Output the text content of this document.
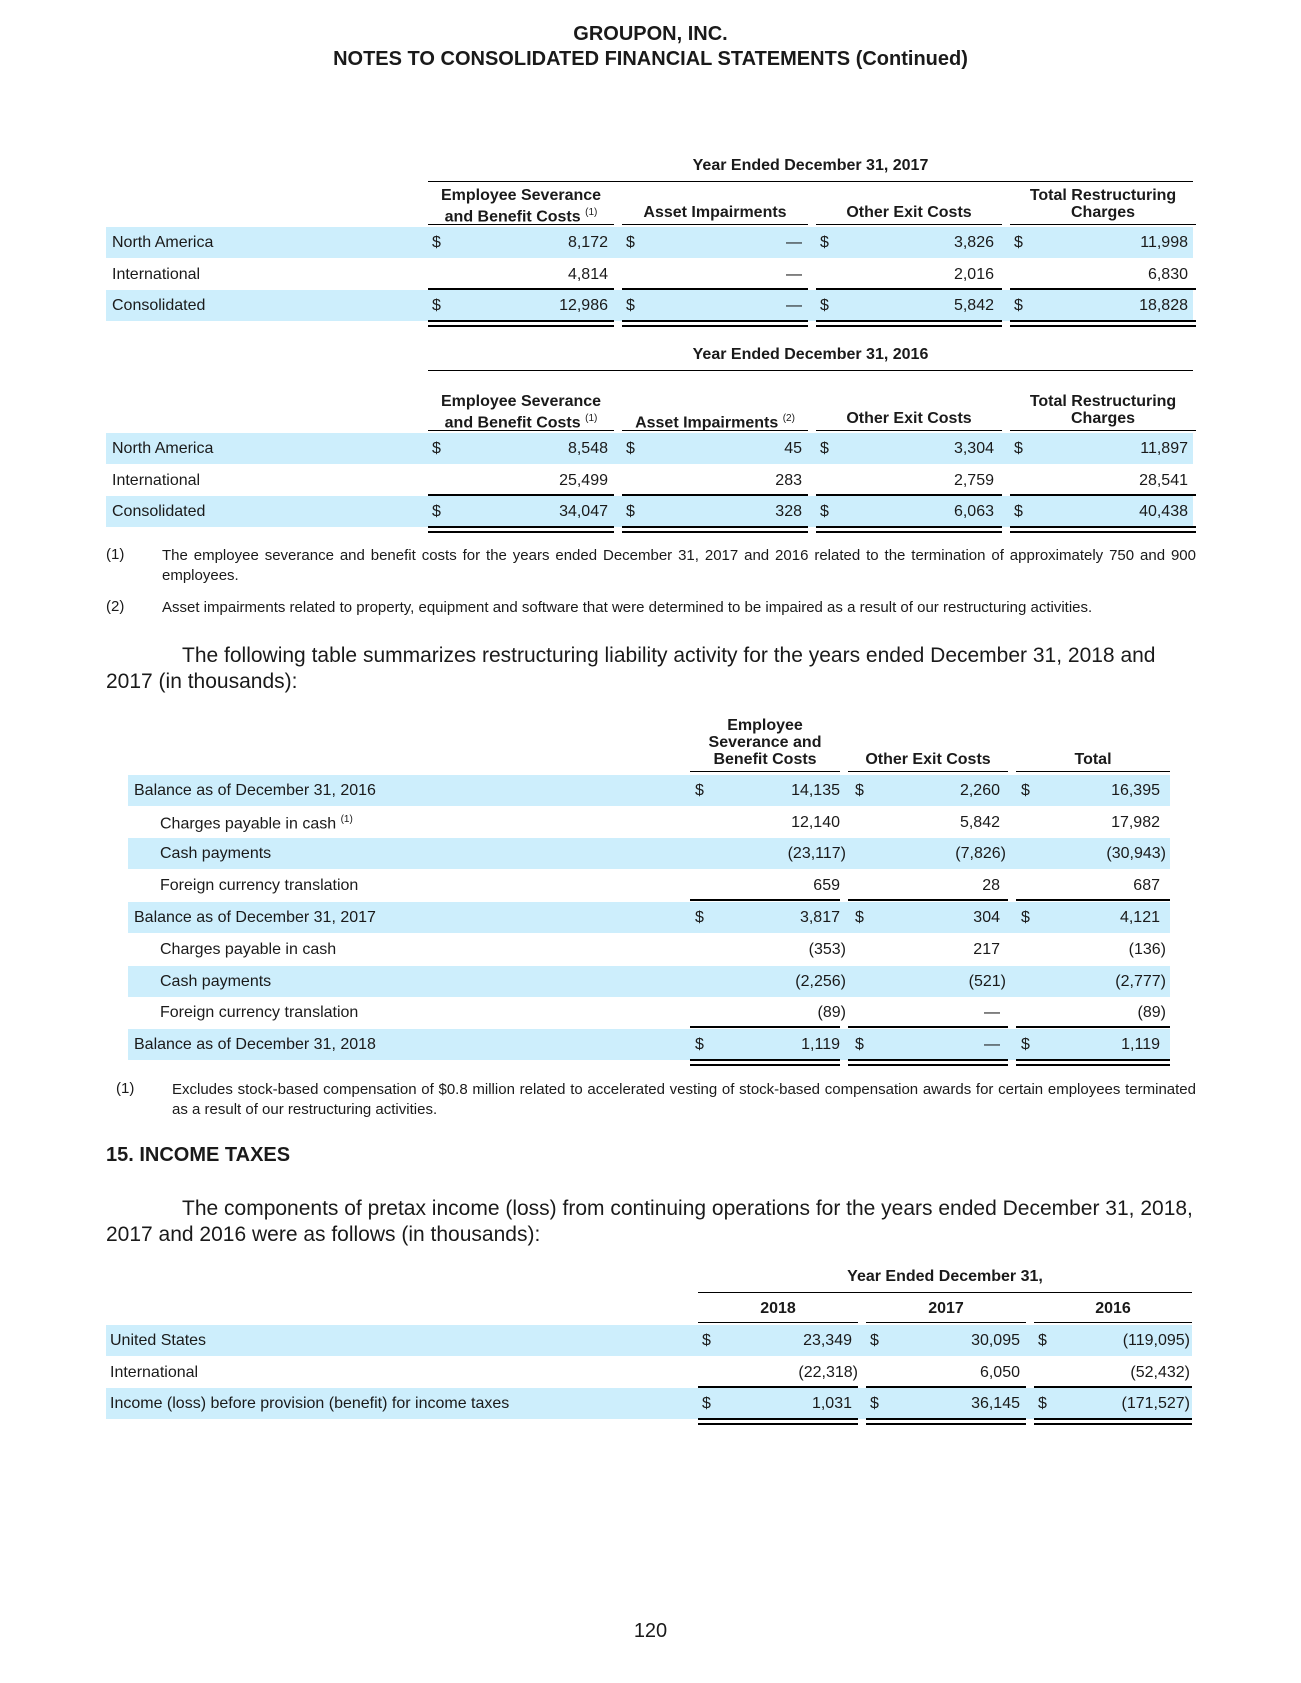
GROUPON, INC.
NOTES TO CONSOLIDATED FINANCIAL STATEMENTS (Continued)
Year Ended December 31, 2017
Employee Severance
and Benefit Costs $^{(1)}$	Asset Impairments	Other Exit Costs
Total Restructuring
Charges
North America	$	8,172 $	— $	3,826 $	11,998
International	4,814	—	2,016	6,830
Consolidated	$	12,986 $	— $	5,842 $	18,828
Year Ended December 31, 2016
Employee Severance
and Benefit Costs $^{(1)}$	Asset Impairments $^{(2)}$	Other Exit Costs
Total Restructuring
Charges
North America	$	8,548 $	45 $	3,304 $	11,897
International	25,499	283	2,759	28,541
Consolidated	$	34,047 $	328 $	6,063 $	40,438
(1)	The employee severance and benefit costs for the years ended December 31, 2017 and 2016 related to the termination of approximately 750 and 900 employees.
(2)	Asset impairments related to property, equipment and software that were determined to be impaired as a result of our restructuring activities.
The following table summarizes restructuring liability activity for the years ended December 31, 2018 and 2017 (in thousands):
Employee
Severance and
Benefit Costs	Other Exit Costs	Total
Balance as of December 31, 2016	$	14,135 $	2,260 $	16,395
Charges payable in cash $^{(1)}$	12,140	5,842	17,982
Cash payments	(23,117)	(7,826)	(30,943)
Foreign currency translation	659	28	687
Balance as of December 31, 2017	$	3,817 $	304 $	4,121
Charges payable in cash	(353)	217	(136)
Cash payments	(2,256)	(521)	(2,777)
Foreign currency translation	(89)	—	(89)
Balance as of December 31, 2018	$	1,119 $	— $	1,119
(1)	Excludes stock-based compensation of $0.8 million related to accelerated vesting of stock-based compensation awards for certain employees terminated as a result of our restructuring activities.
15. INCOME TAXES
The components of pretax income (loss) from continuing operations for the years ended December 31, 2018, 2017 and 2016 were as follows (in thousands):
Year Ended December 31,
2018	2017	2016
United States	$	23,349 $	30,095 $	(119,095)
International	(22,318)	6,050	(52,432)
Income (loss) before provision (benefit) for income taxes	$	1,031 $	36,145 $	(171,527)
120
